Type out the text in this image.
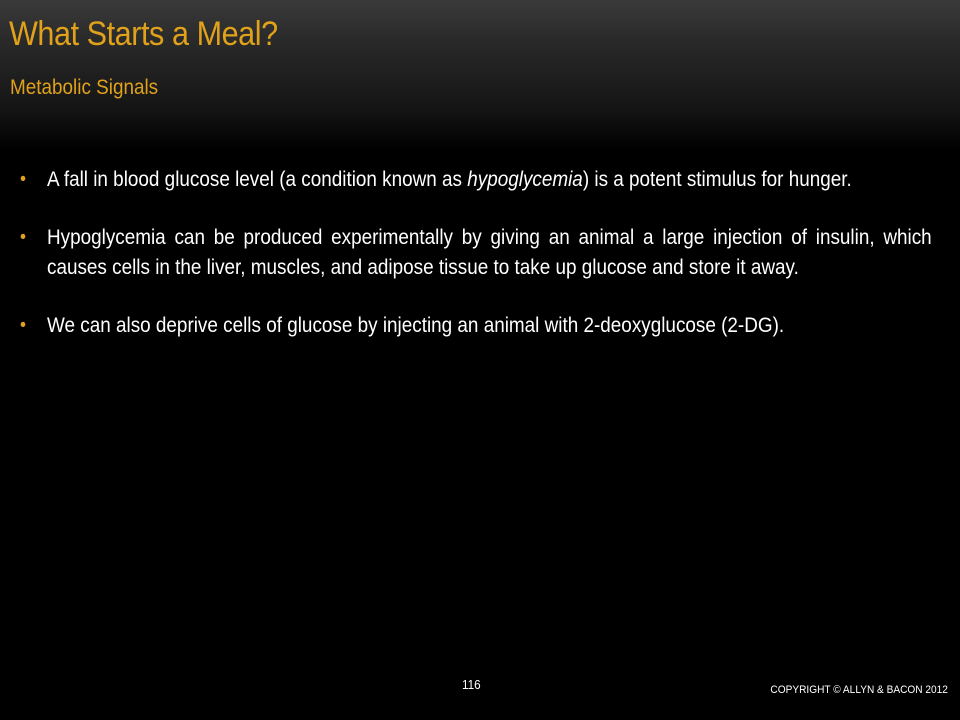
What Starts a Meal?
Metabolic Signals
• A fall in blood glucose level (a condition known as hypoglycemia) is a potent stimulus for hunger.
• Hypoglycemia can be produced experimentally by giving an animal a large injection of insulin, which causes cells in the liver, muscles, and adipose tissue to take up glucose and store it away.
• We can also deprive cells of glucose by injecting an animal with 2-deoxyglucose (2-DG).
116	COPYRIGHT © ALLYN & BACON 2012
